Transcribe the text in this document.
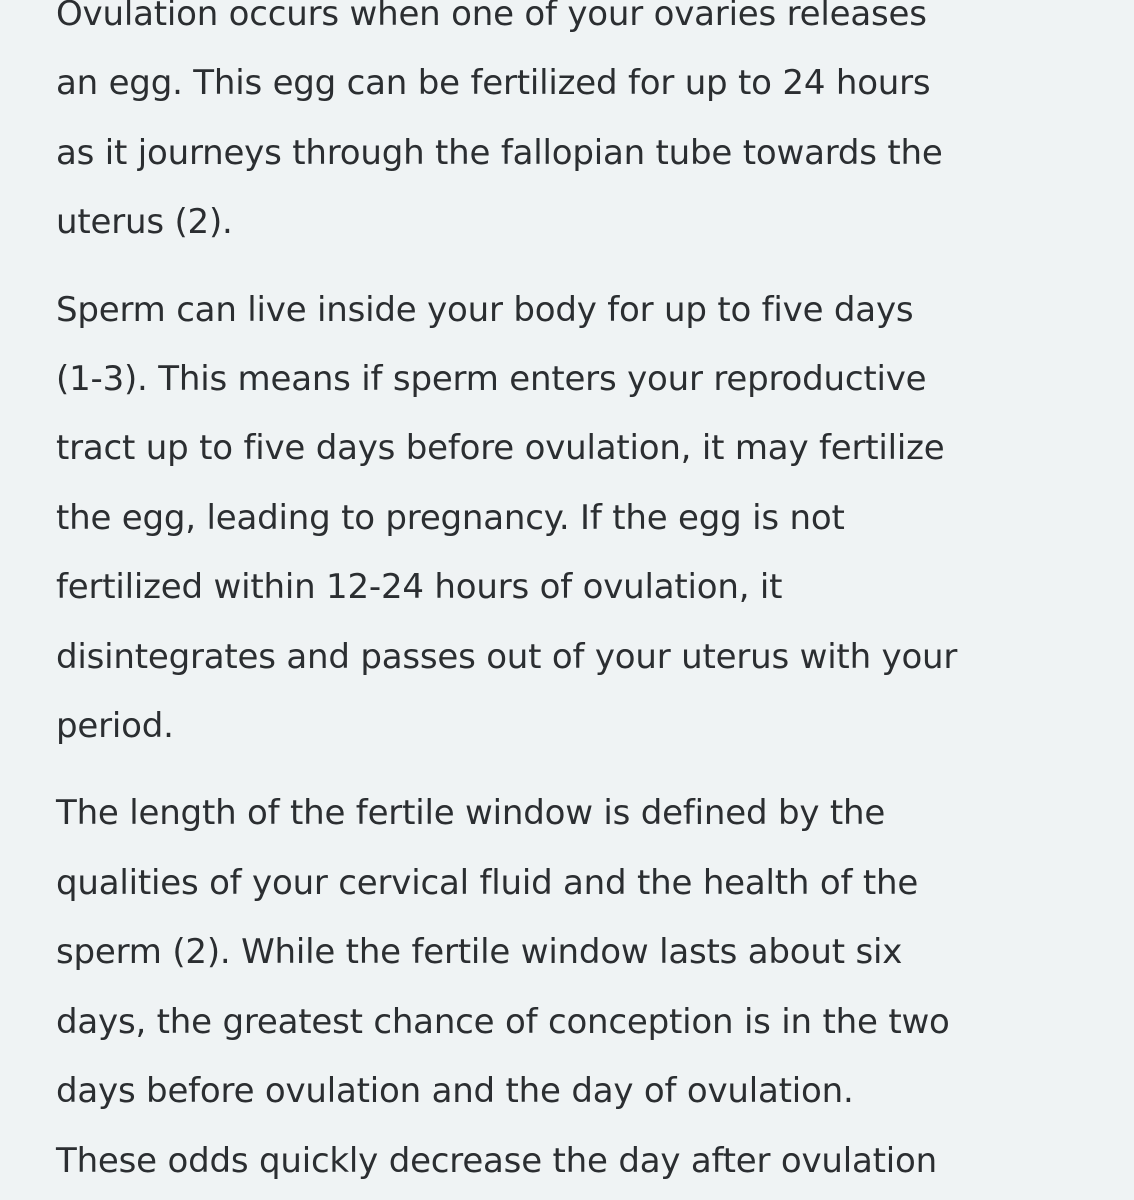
Ovulation occurs when one of your ovaries releases
an egg. This egg can be fertilized for up to 24 hours
as it journeys through the fallopian tube towards the
uterus (2).

Sperm can live inside your body for up to five days
(1-3). This means if sperm enters your reproductive
tract up to five days before ovulation, it may fertilize
the egg, leading to pregnancy. If the egg is not
fertilized within 12-24 hours of ovulation, it
disintegrates and passes out of your uterus with your
period.

The length of the fertile window is defined by the
qualities of your cervical fluid and the health of the
sperm (2). While the fertile window lasts about six
days, the greatest chance of conception is in the two
days before ovulation and the day of ovulation.
These odds quickly decrease the day after ovulation
